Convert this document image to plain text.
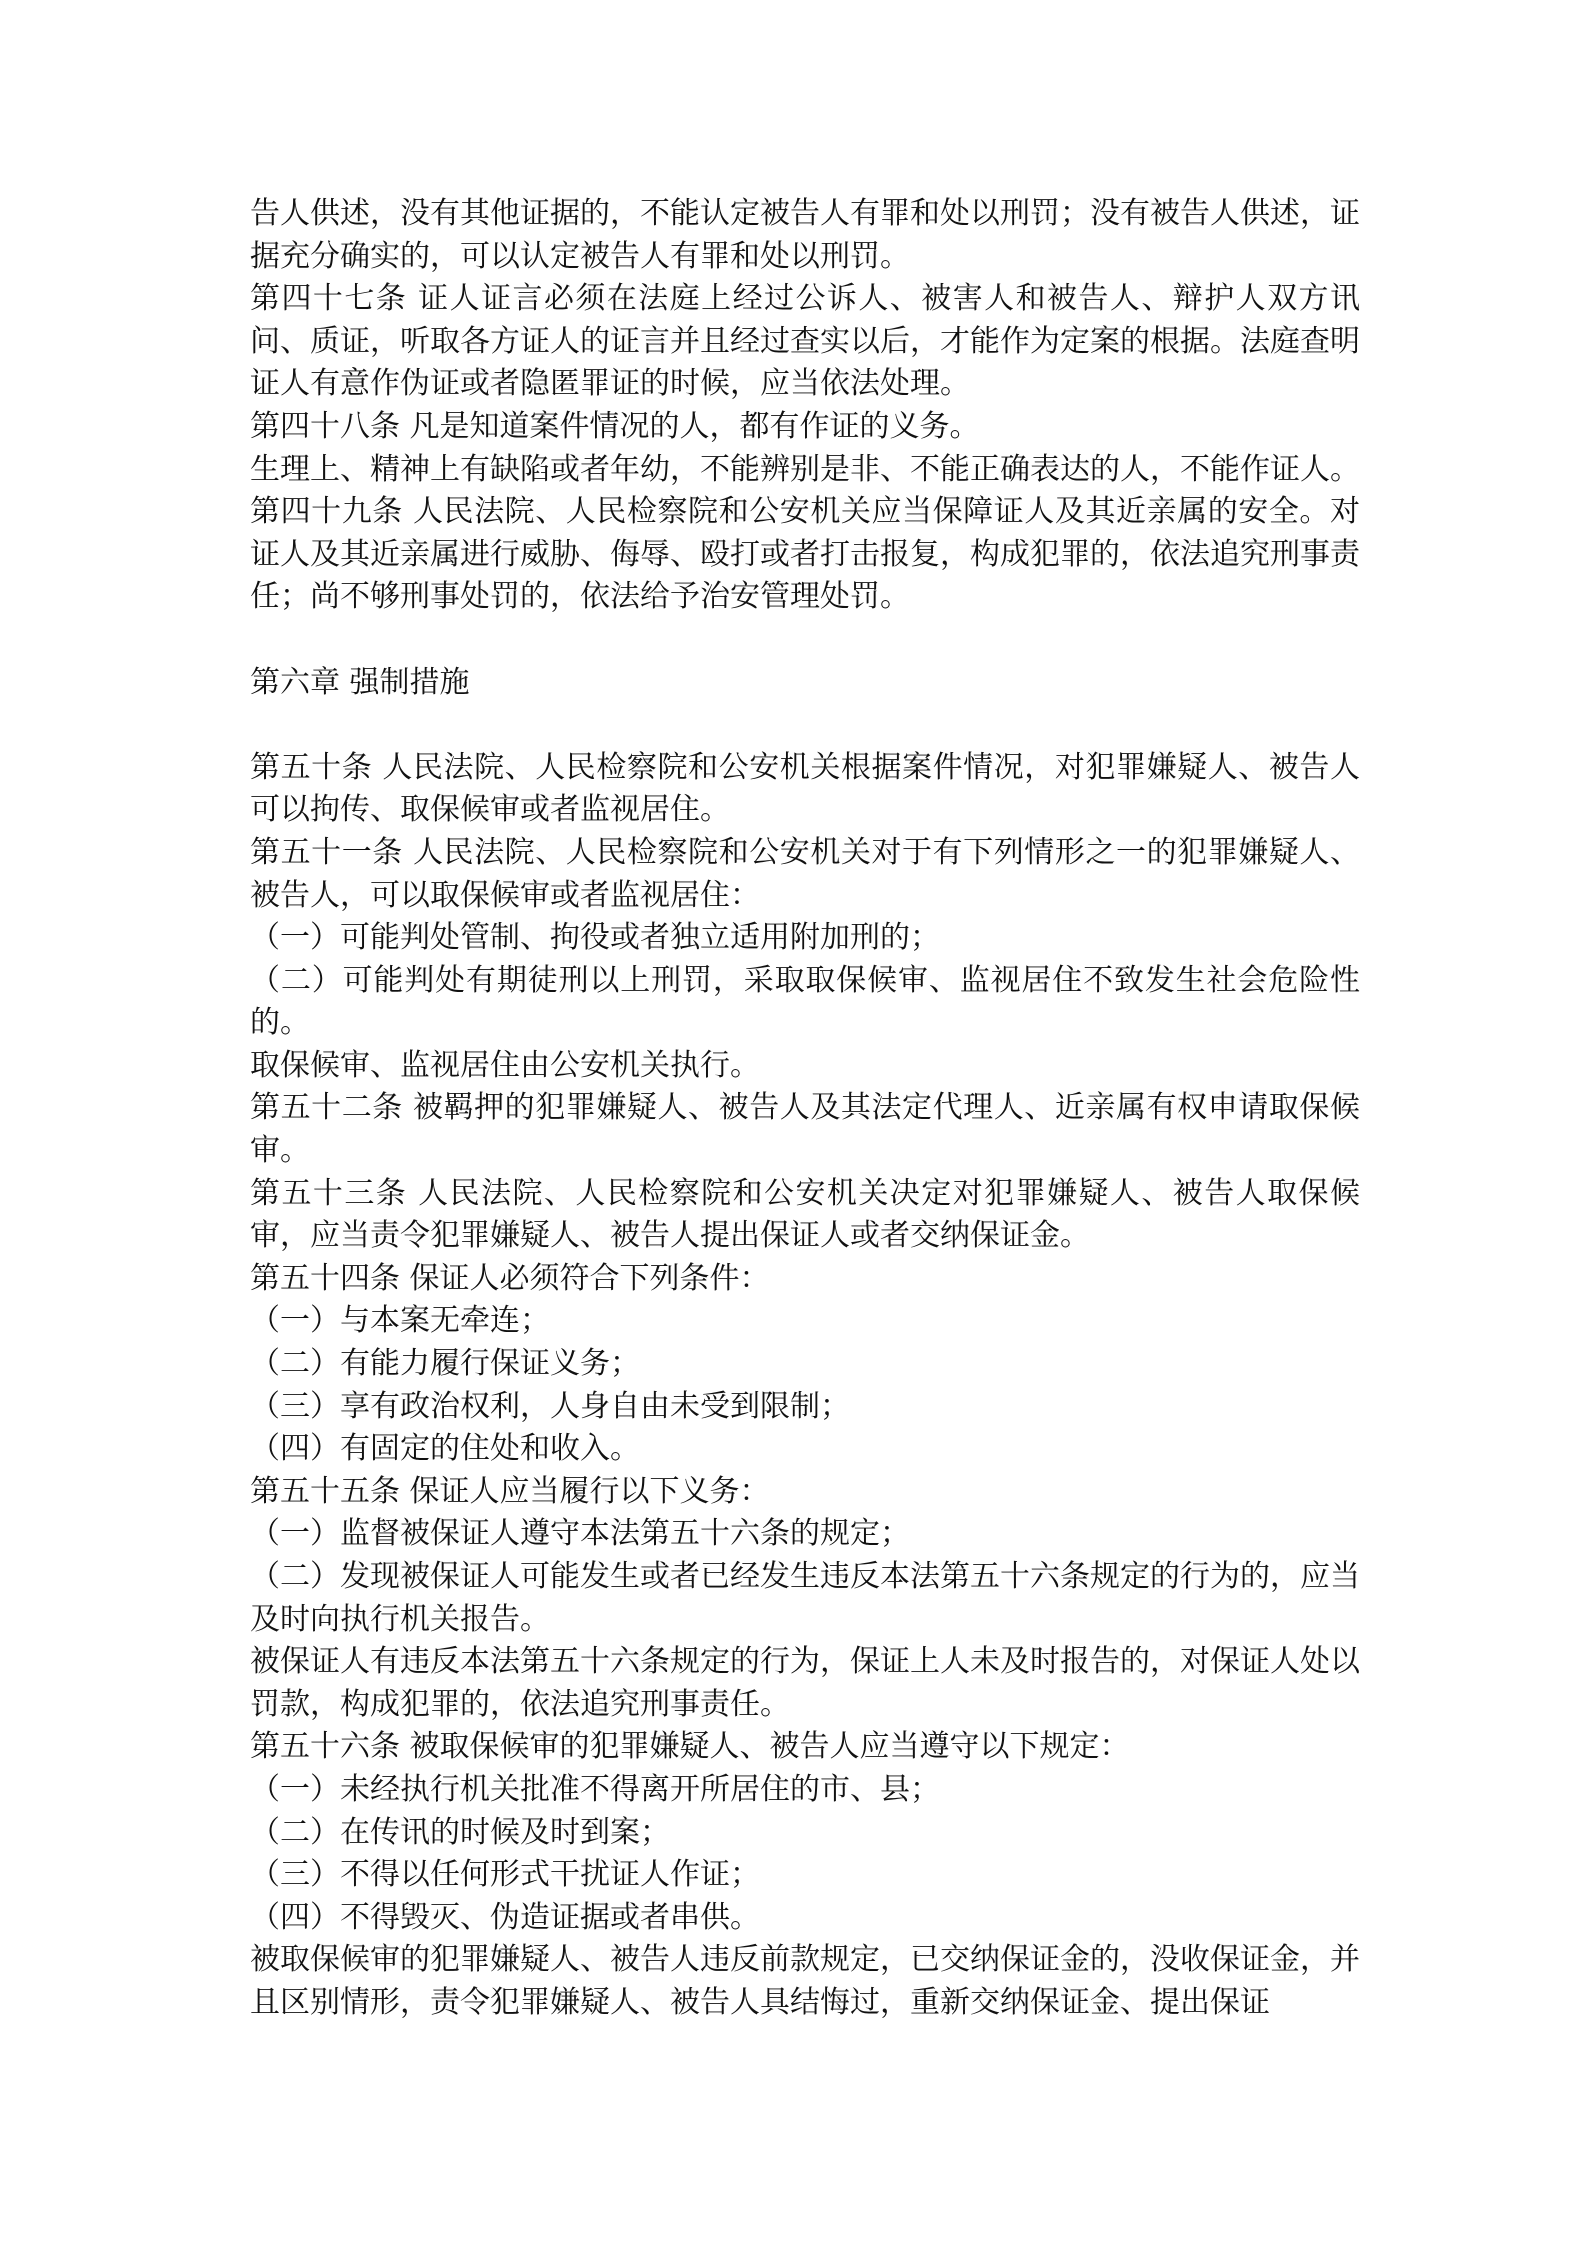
告人供述，没有其他证据的，不能认定被告人有罪和处以刑罚；没有被告人供述，证据充分确实的，可以认定被告人有罪和处以刑罚。

第四十七条 证人证言必须在法庭上经过公诉人、被害人和被告人、辩护人双方讯问、质证，听取各方证人的证言并且经过查实以后，才能作为定案的根据。法庭查明证人有意作伪证或者隐匿罪证的时候，应当依法处理。

第四十八条 凡是知道案件情况的人，都有作证的义务。

生理上、精神上有缺陷或者年幼，不能辨别是非、不能正确表达的人，不能作证人。

第四十九条 人民法院、人民检察院和公安机关应当保障证人及其近亲属的安全。对证人及其近亲属进行威胁、侮辱、殴打或者打击报复，构成犯罪的，依法追究刑事责任；尚不够刑事处罚的，依法给予治安管理处罚。

第六章 强制措施

第五十条 人民法院、人民检察院和公安机关根据案件情况，对犯罪嫌疑人、被告人可以拘传、取保候审或者监视居住。

第五十一条 人民法院、人民检察院和公安机关对于有下列情形之一的犯罪嫌疑人、被告人，可以取保候审或者监视居住：

（一）可能判处管制、拘役或者独立适用附加刑的；

（二）可能判处有期徒刑以上刑罚，采取取保候审、监视居住不致发生社会危险性的。

取保候审、监视居住由公安机关执行。

第五十二条 被羁押的犯罪嫌疑人、被告人及其法定代理人、近亲属有权申请取保候审。

第五十三条 人民法院、人民检察院和公安机关决定对犯罪嫌疑人、被告人取保候审，应当责令犯罪嫌疑人、被告人提出保证人或者交纳保证金。

第五十四条 保证人必须符合下列条件：

（一）与本案无牵连；

（二）有能力履行保证义务；

（三）享有政治权利，人身自由未受到限制；

（四）有固定的住处和收入。

第五十五条 保证人应当履行以下义务：

（一）监督被保证人遵守本法第五十六条的规定；

（二）发现被保证人可能发生或者已经发生违反本法第五十六条规定的行为的，应当及时向执行机关报告。

被保证人有违反本法第五十六条规定的行为，保证上人未及时报告的，对保证人处以罚款，构成犯罪的，依法追究刑事责任。

第五十六条 被取保候审的犯罪嫌疑人、被告人应当遵守以下规定：

（一）未经执行机关批准不得离开所居住的市、县；

（二）在传讯的时候及时到案；

（三）不得以任何形式干扰证人作证；

（四）不得毁灭、伪造证据或者串供。

被取保候审的犯罪嫌疑人、被告人违反前款规定，已交纳保证金的，没收保证金，并且区别情形，责令犯罪嫌疑人、被告人具结悔过，重新交纳保证金、提出保证
